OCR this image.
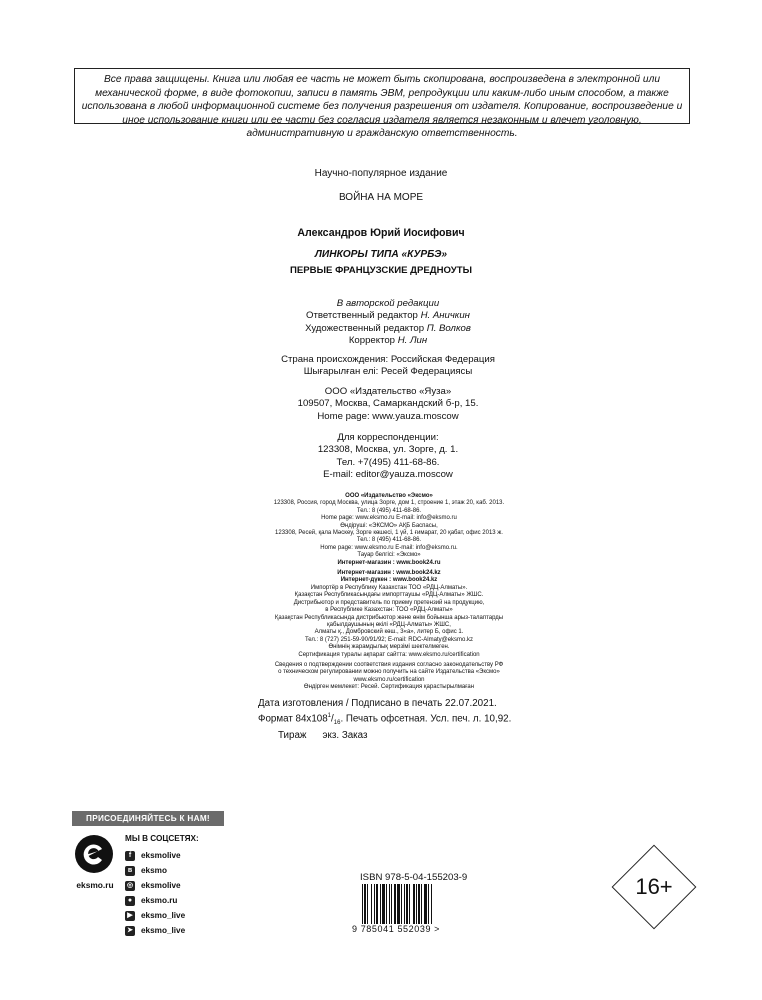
Все права защищены. Книга или любая ее часть не может быть скопирована, воспроизведена в электронной или механической форме, в виде фотокопии, записи в память ЭВМ, репродукции или каким-либо иным способом, а также использована в любой информационной системе без получения разрешения от издателя. Копирование, воспроизведение и иное использование книги или ее части без согласия издателя является незаконным и влечет уголовную, административную и гражданскую ответственность.
Научно-популярное издание
ВОЙНА НА МОРЕ
Александров Юрий Иосифович
ЛИНКОРЫ ТИПА «КУРБЭ»
ПЕРВЫЕ ФРАНЦУЗСКИЕ ДРЕДНОУТЫ
В авторской редакции
Ответственный редактор Н. Аничкин
Художественный редактор П. Волков
Корректор Н. Лин
Страна происхождения: Российская Федерация
Шығарылған елі: Ресей Федерациясы
ООО «Издательство «Яуза»
109507, Москва, Самаркандский б-р, 15.
Home page: www.yauza.moscow
Для корреспонденции:
123308, Москва, ул. Зорге, д. 1.
Тел. +7(495) 411-68-86.
E-mail: editor@yauza.moscow
ООО «Издательство «Эксмо»
123308, Россия, город Москва, улица Зорге, дом 1, строение 1, этаж 20, каб. 2013.
Тел.: 8 (495) 411-68-86.
Home page: www.eksmo.ru E-mail: info@eksmo.ru
Өндіруші: «ЭКСМО» АҚБ Баспасы,
123308, Ресей, қала Мәскеу, Зорге көшесі, 1 үй, 1 ғимарат, 20 қабат, офис 2013 ж.
Тел.: 8 (495) 411-68-86.
Home page: www.eksmo.ru E-mail: info@eksmo.ru.
Тауар белгісі: «Эксмо»
Интернет-магазин : www.book24.ru
Интернет-магазин : www.book24.kz
Интернет-дүкен : www.book24.kz
Импортёр в Республику Казахстан ТОО «РДЦ-Алматы».
Қазақстан Республикасындағы импорттаушы «РДЦ-Алматы» ЖШС.
Дистрибьютор и представитель по приему претензий на продукцию,
в Республике Казахстан: ТОО «РДЦ-Алматы»
Қазақстан Республикасында дистрибьютор және өнім бойынша арыз-талаптарды
қабылдаушының өкілі «РДЦ-Алматы» ЖШС,
Алматы қ., Домбровский көш., 3«а», литер Б, офис 1.
Тел.: 8 (727) 251-59-90/91/92; E-mail: RDC-Almaty@eksmo.kz
Өнімнің жарамдылық мерзімі шектелмеген.
Сертификация туралы ақпарат сайтта: www.eksmo.ru/certification
Сведения о подтверждении соответствия издания согласно законодательству РФ
о техническом регулировании можно получить на сайте Издательства «Эксмо»
www.eksmo.ru/certification
Өндірген мемлекет: Ресей. Сертификация қарастырылмаған
Дата изготовления / Подписано в печать 22.07.2021.
Формат $84x108^1/_{16}$. Печать офсетная. Усл. печ. л. 10,92.
Тираж экз. Заказ
ПРИСОЕДИНЯЙТЕСЬ К НАМ!
eksmo.ru
МЫ В СОЦСЕТЯХ:
f	eksmolive
в	eksmo
◎ eksmolive
●	eksmo.ru
▶ eksmo_live
➤ eksmo_live
ISBN 978-5-04-155203-9
9 785041 552039 >
16+
